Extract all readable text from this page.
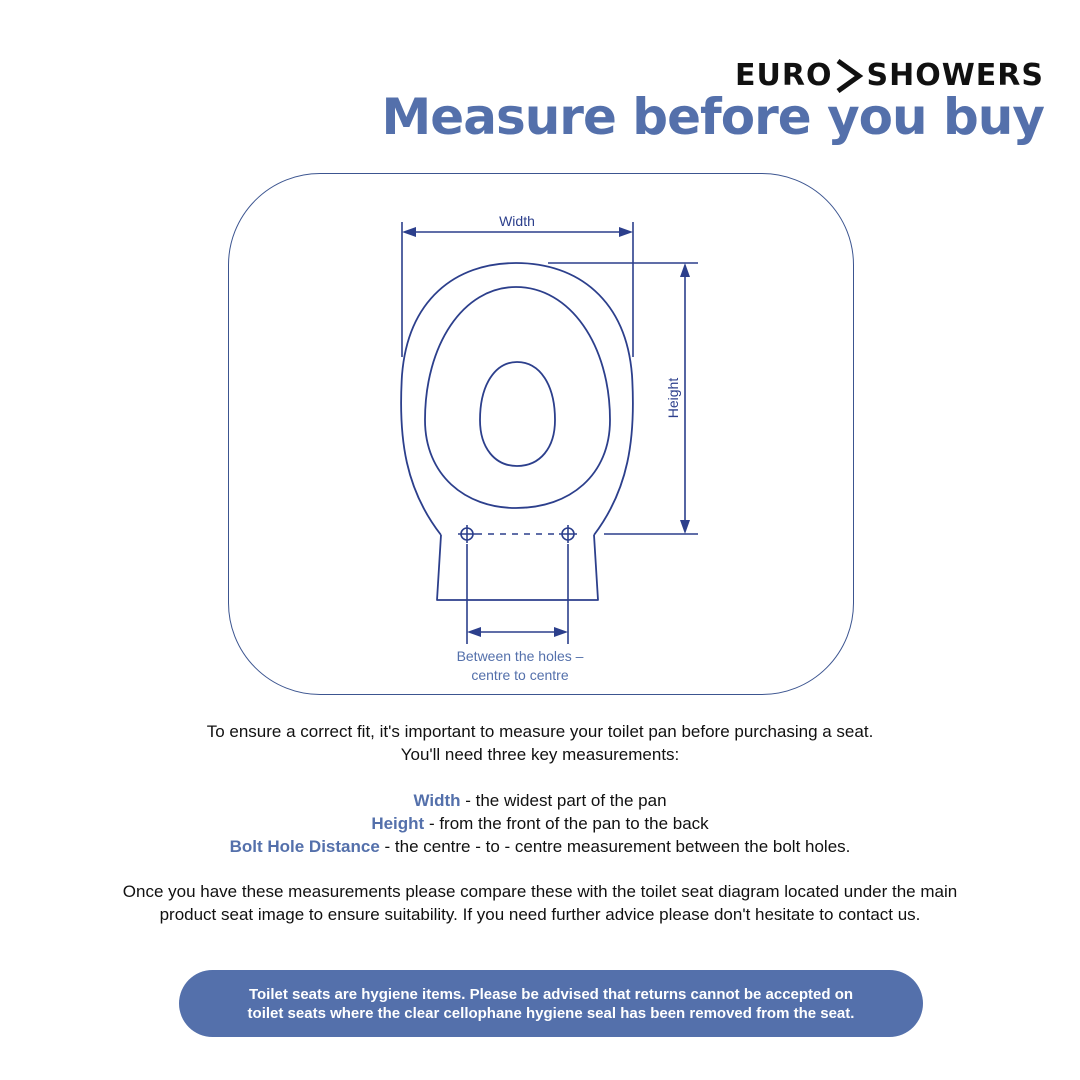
EURO SHOWERS
Measure before you buy
Width
Height
Between the holes –
centre to centre

To ensure a correct fit, it's important to measure your toilet pan before purchasing a seat.

You'll need three key measurements:

Width - the widest part of the pan

Height - from the front of the pan to the back

Bolt Hole Distance - the centre - to - centre measurement between the bolt holes.

Once you have these measurements please compare these with the toilet seat diagram located under the main

product seat image to ensure suitability. If you need further advice please don't hesitate to contact us.

Toilet seats are hygiene items. Please be advised that returns cannot be accepted on

toilet seats where the clear cellophane hygiene seal has been removed from the seat.
